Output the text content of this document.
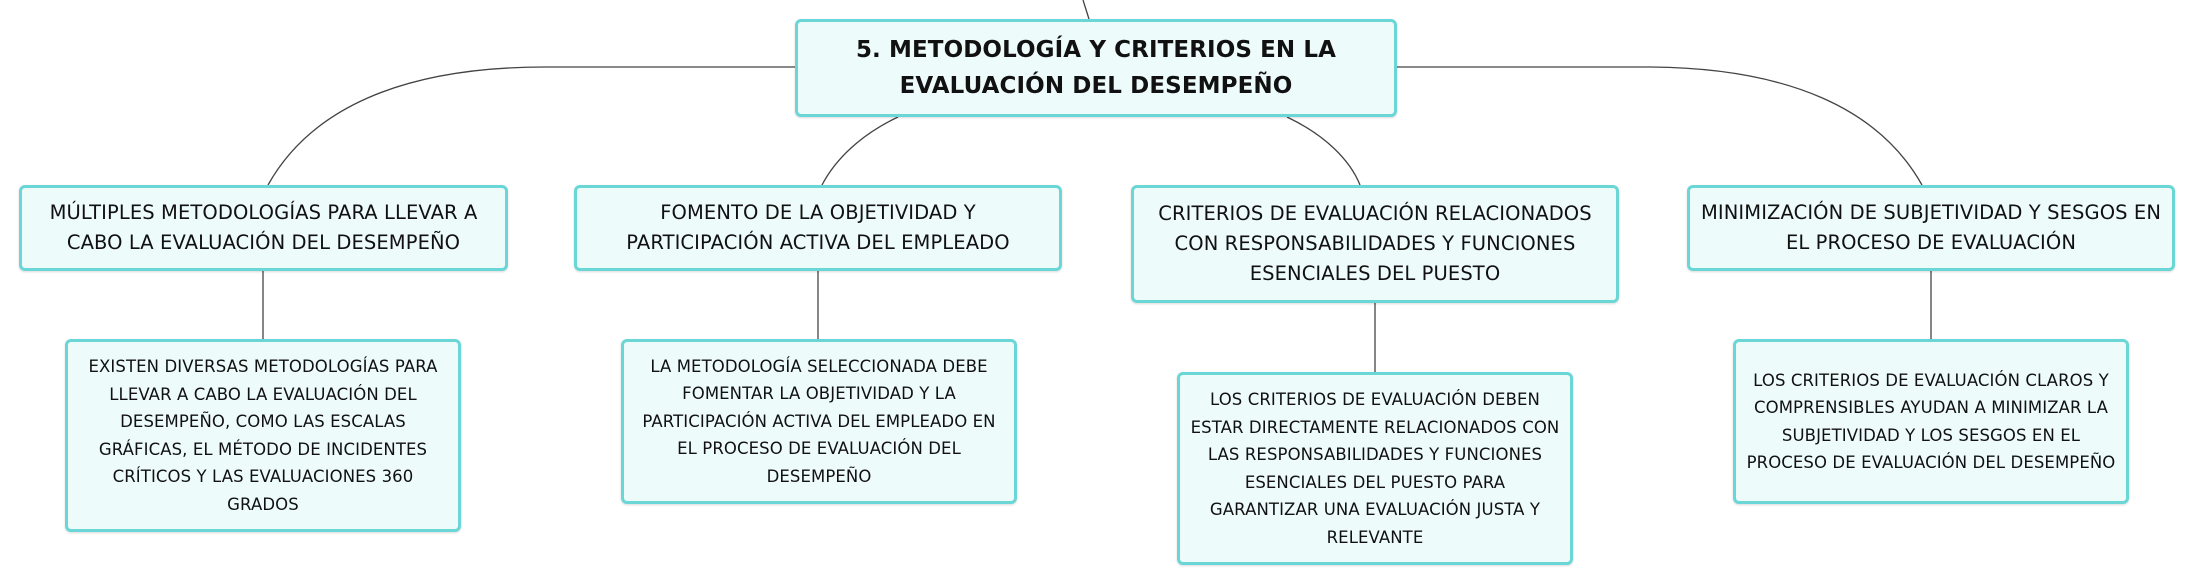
5. METODOLOGÍA Y CRITERIOS EN LA EVALUACIÓN DEL DESEMPEÑO
MÚLTIPLES METODOLOGÍAS PARA LLEVAR A CABO LA EVALUACIÓN DEL DESEMPEÑO
FOMENTO DE LA OBJETIVIDAD Y PARTICIPACIÓN ACTIVA DEL EMPLEADO
CRITERIOS DE EVALUACIÓN RELACIONADOS CON RESPONSABILIDADES Y FUNCIONES ESENCIALES DEL PUESTO
MINIMIZACIÓN DE SUBJETIVIDAD Y SESGOS EN EL PROCESO DE EVALUACIÓN
EXISTEN DIVERSAS METODOLOGÍAS PARA LLEVAR A CABO LA EVALUACIÓN DEL DESEMPEÑO, COMO LAS ESCALAS GRÁFICAS, EL MÉTODO DE INCIDENTES CRÍTICOS Y LAS EVALUACIONES 360 GRADOS
LA METODOLOGÍA SELECCIONADA DEBE FOMENTAR LA OBJETIVIDAD Y LA PARTICIPACIÓN ACTIVA DEL EMPLEADO EN EL PROCESO DE EVALUACIÓN DEL DESEMPEÑO
LOS CRITERIOS DE EVALUACIÓN DEBEN ESTAR DIRECTAMENTE RELACIONADOS CON LAS RESPONSABILIDADES Y FUNCIONES ESENCIALES DEL PUESTO PARA GARANTIZAR UNA EVALUACIÓN JUSTA Y RELEVANTE
LOS CRITERIOS DE EVALUACIÓN CLAROS Y COMPRENSIBLES AYUDAN A MINIMIZAR LA SUBJETIVIDAD Y LOS SESGOS EN EL PROCESO DE EVALUACIÓN DEL DESEMPEÑO
